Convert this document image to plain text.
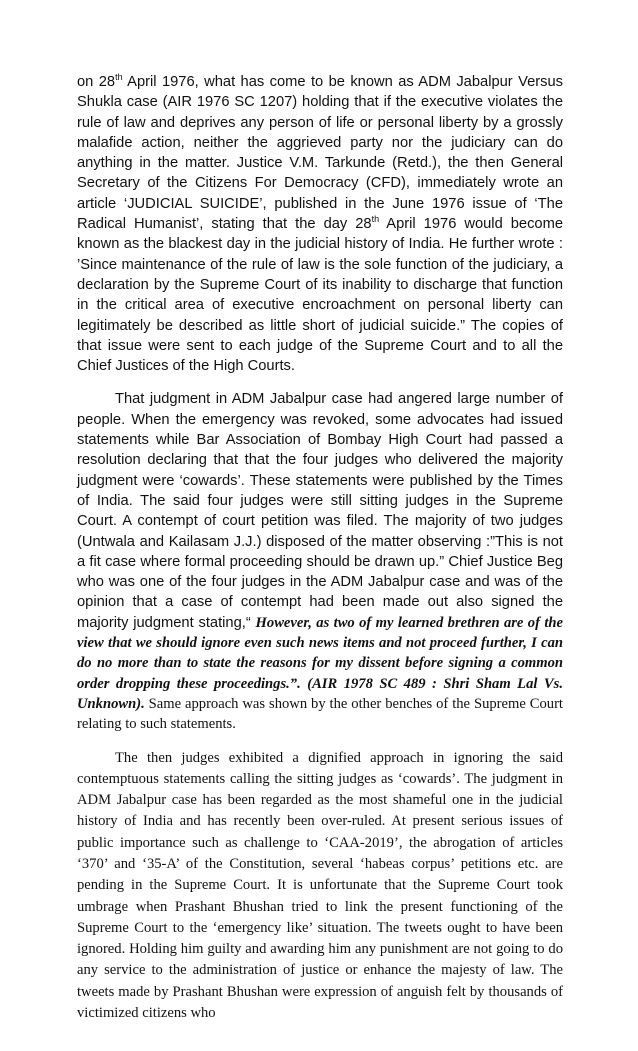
on 28th April 1976, what has come to be known as ADM Jabalpur Versus Shukla case (AIR 1976 SC 1207) holding that if the executive violates the rule of law and deprives any person of life or personal liberty by a grossly malafide action, neither the aggrieved party nor the judiciary can do anything in the matter. Justice V.M. Tarkunde (Retd.), the then General Secretary of the Citizens For Democracy (CFD), immediately wrote an article ‘JUDICIAL SUICIDE’, published in the June 1976 issue of ‘The Radical Humanist’, stating that the day 28th April 1976 would become known as the blackest day in the judicial history of India. He further wrote : ’Since maintenance of the rule of law is the sole function of the judiciary, a declaration by the Supreme Court of its inability to discharge that function in the critical area of executive encroachment on personal liberty can legitimately be described as little short of judicial suicide.” The copies of that issue were sent to each judge of the Supreme Court and to all the Chief Justices of the High Courts.

That judgment in ADM Jabalpur case had angered large number of people. When the emergency was revoked, some advocates had issued statements while Bar Association of Bombay High Court had passed a resolution declaring that that the four judges who delivered the majority judgment were ‘cowards’. These statements were published by the Times of India. The said four judges were still sitting judges in the Supreme Court. A contempt of court petition was filed. The majority of two judges (Untwala and Kailasam J.J.) disposed of the matter observing :”This is not a fit case where formal proceeding should be drawn up.” Chief Justice Beg who was one of the four judges in the ADM Jabalpur case and was of the opinion that a case of contempt had been made out also signed the majority judgment stating,“ However, as two of my learned brethren are of the view that we should ignore even such news items and not proceed further, I can do no more than to state the reasons for my dissent before signing a common order dropping these proceedings.”. (AIR 1978 SC 489 : Shri Sham Lal Vs. Unknown). Same approach was shown by the other benches of the Supreme Court relating to such statements.

The then judges exhibited a dignified approach in ignoring the said contemptuous statements calling the sitting judges as ‘cowards’. The judgment in ADM Jabalpur case has been regarded as the most shameful one in the judicial history of India and has recently been over-ruled. At present serious issues of public importance such as challenge to ‘CAA-2019’, the abrogation of articles ‘370’ and ‘35-A’ of the Constitution, several ‘habeas corpus’ petitions etc. are pending in the Supreme Court. It is unfortunate that the Supreme Court took umbrage when Prashant Bhushan tried to link the present functioning of the Supreme Court to the ‘emergency like’ situation. The tweets ought to have been ignored. Holding him guilty and awarding him any punishment are not going to do any service to the administration of justice or enhance the majesty of law. The tweets made by Prashant Bhushan were expression of anguish felt by thousands of victimized citizens who
